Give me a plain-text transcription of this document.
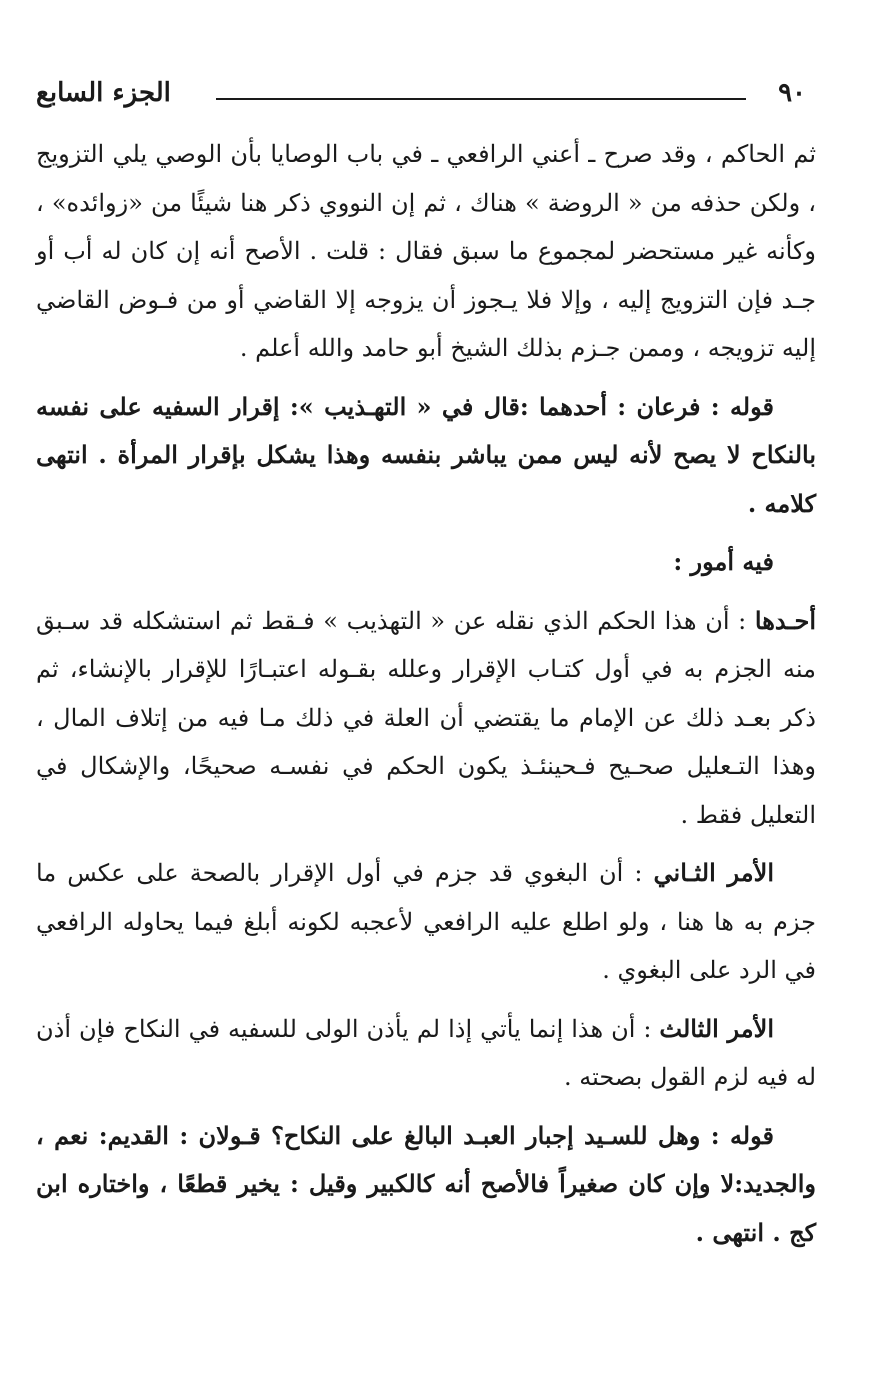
٩٠
الجزء السابع

ثم الحاكم ، وقد صرح ـ أعني الرافعي ـ في باب الوصايا بأن الوصي يلي التزويج ، ولكن حذفه من « الروضة » هناك ، ثم إن النووي ذكر هنا شيئًا من «زوائده» ، وكأنه غير مستحضر لمجموع ما سبق فقال : قلت . الأصح أنه إن كان له أب أو جـد فإن التزويج إليه ، وإلا فلا يـجوز أن يزوجه إلا القاضي أو من فـوض القاضي إليه تزويجه ، وممن جـزم بذلك الشيخ أبو حامد والله أعلم .

قوله : فرعان : أحدهما :قال في « التهـذيب »: إقرار السفيه على نفسه بالنكاح لا يصح لأنه ليس ممن يباشر بنفسه وهذا يشكل بإقرار المرأة . انتهى كلامه .

فيه أمور :

أحـدها : أن هذا الحكم الذي نقله عن « التهذيب » فـقط ثم استشكله قد سـبق منه الجزم به في أول كتـاب الإقرار وعلله بقـوله اعتبـارًا للإقرار بالإنشاء، ثم ذكر بعـد ذلك عن الإمام ما يقتضي أن العلة في ذلك مـا فيه من إتلاف المال ، وهذا التـعليل صحـيح فـحينئـذ يكون الحكم في نفسـه صحيحًا، والإشكال في التعليل فقط .

الأمر الثـاني : أن البغوي قد جزم في أول الإقرار بالصحة على عكس ما جزم به ها هنا ، ولو اطلع عليه الرافعي لأعجبه لكونه أبلغ فيما يحاوله الرافعي في الرد على البغوي .

الأمر الثالث : أن هذا إنما يأتي إذا لم يأذن الولى للسفيه في النكاح فإن أذن له فيه لزم القول بصحته .

قوله : وهل للسـيد إجبار العبـد البالغ على النكاح؟ قـولان : القديم: نعم ، والجديد:لا وإن كان صغيراً فالأصح أنه كالكبير وقيل : يخير قطعًا ، واختاره ابن كج . انتهى .
